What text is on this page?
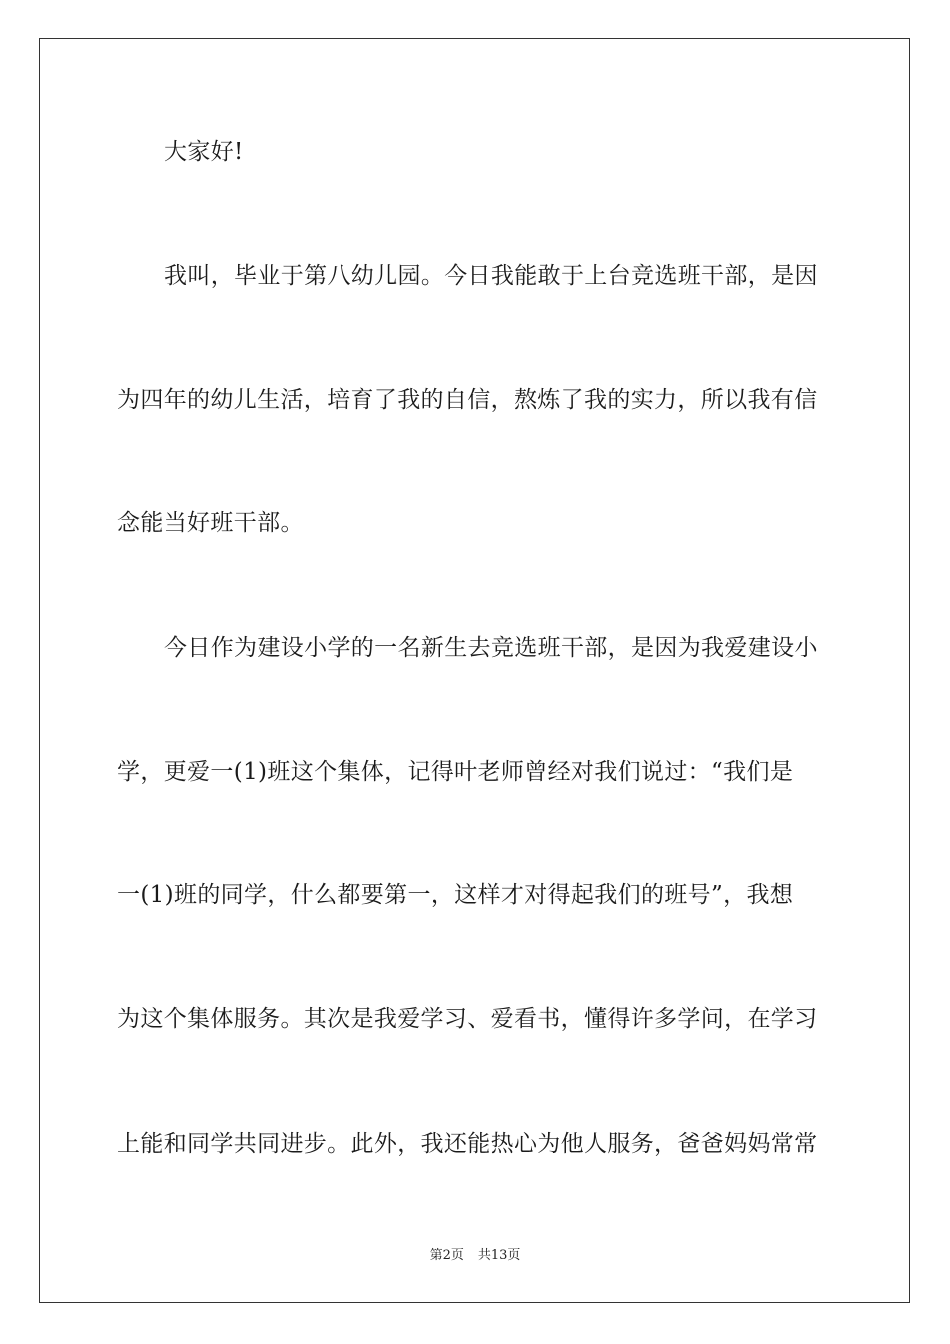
大家好!
我叫，毕业于第八幼儿园。今日我能敢于上台竞选班干部，是因
为四年的幼儿生活，培育了我的自信，熬炼了我的实力，所以我有信
念能当好班干部。
今日作为建设小学的一名新生去竞选班干部，是因为我爱建设小
学，更爱一(1)班这个集体，记得叶老师曾经对我们说过：“我们是
一(1)班的同学，什么都要第一，这样才对得起我们的班号”，我想
为这个集体服务。其次是我爱学习、爱看书，懂得许多学问，在学习
上能和同学共同进步。此外，我还能热心为他人服务，爸爸妈妈常常
第2页 共13页
